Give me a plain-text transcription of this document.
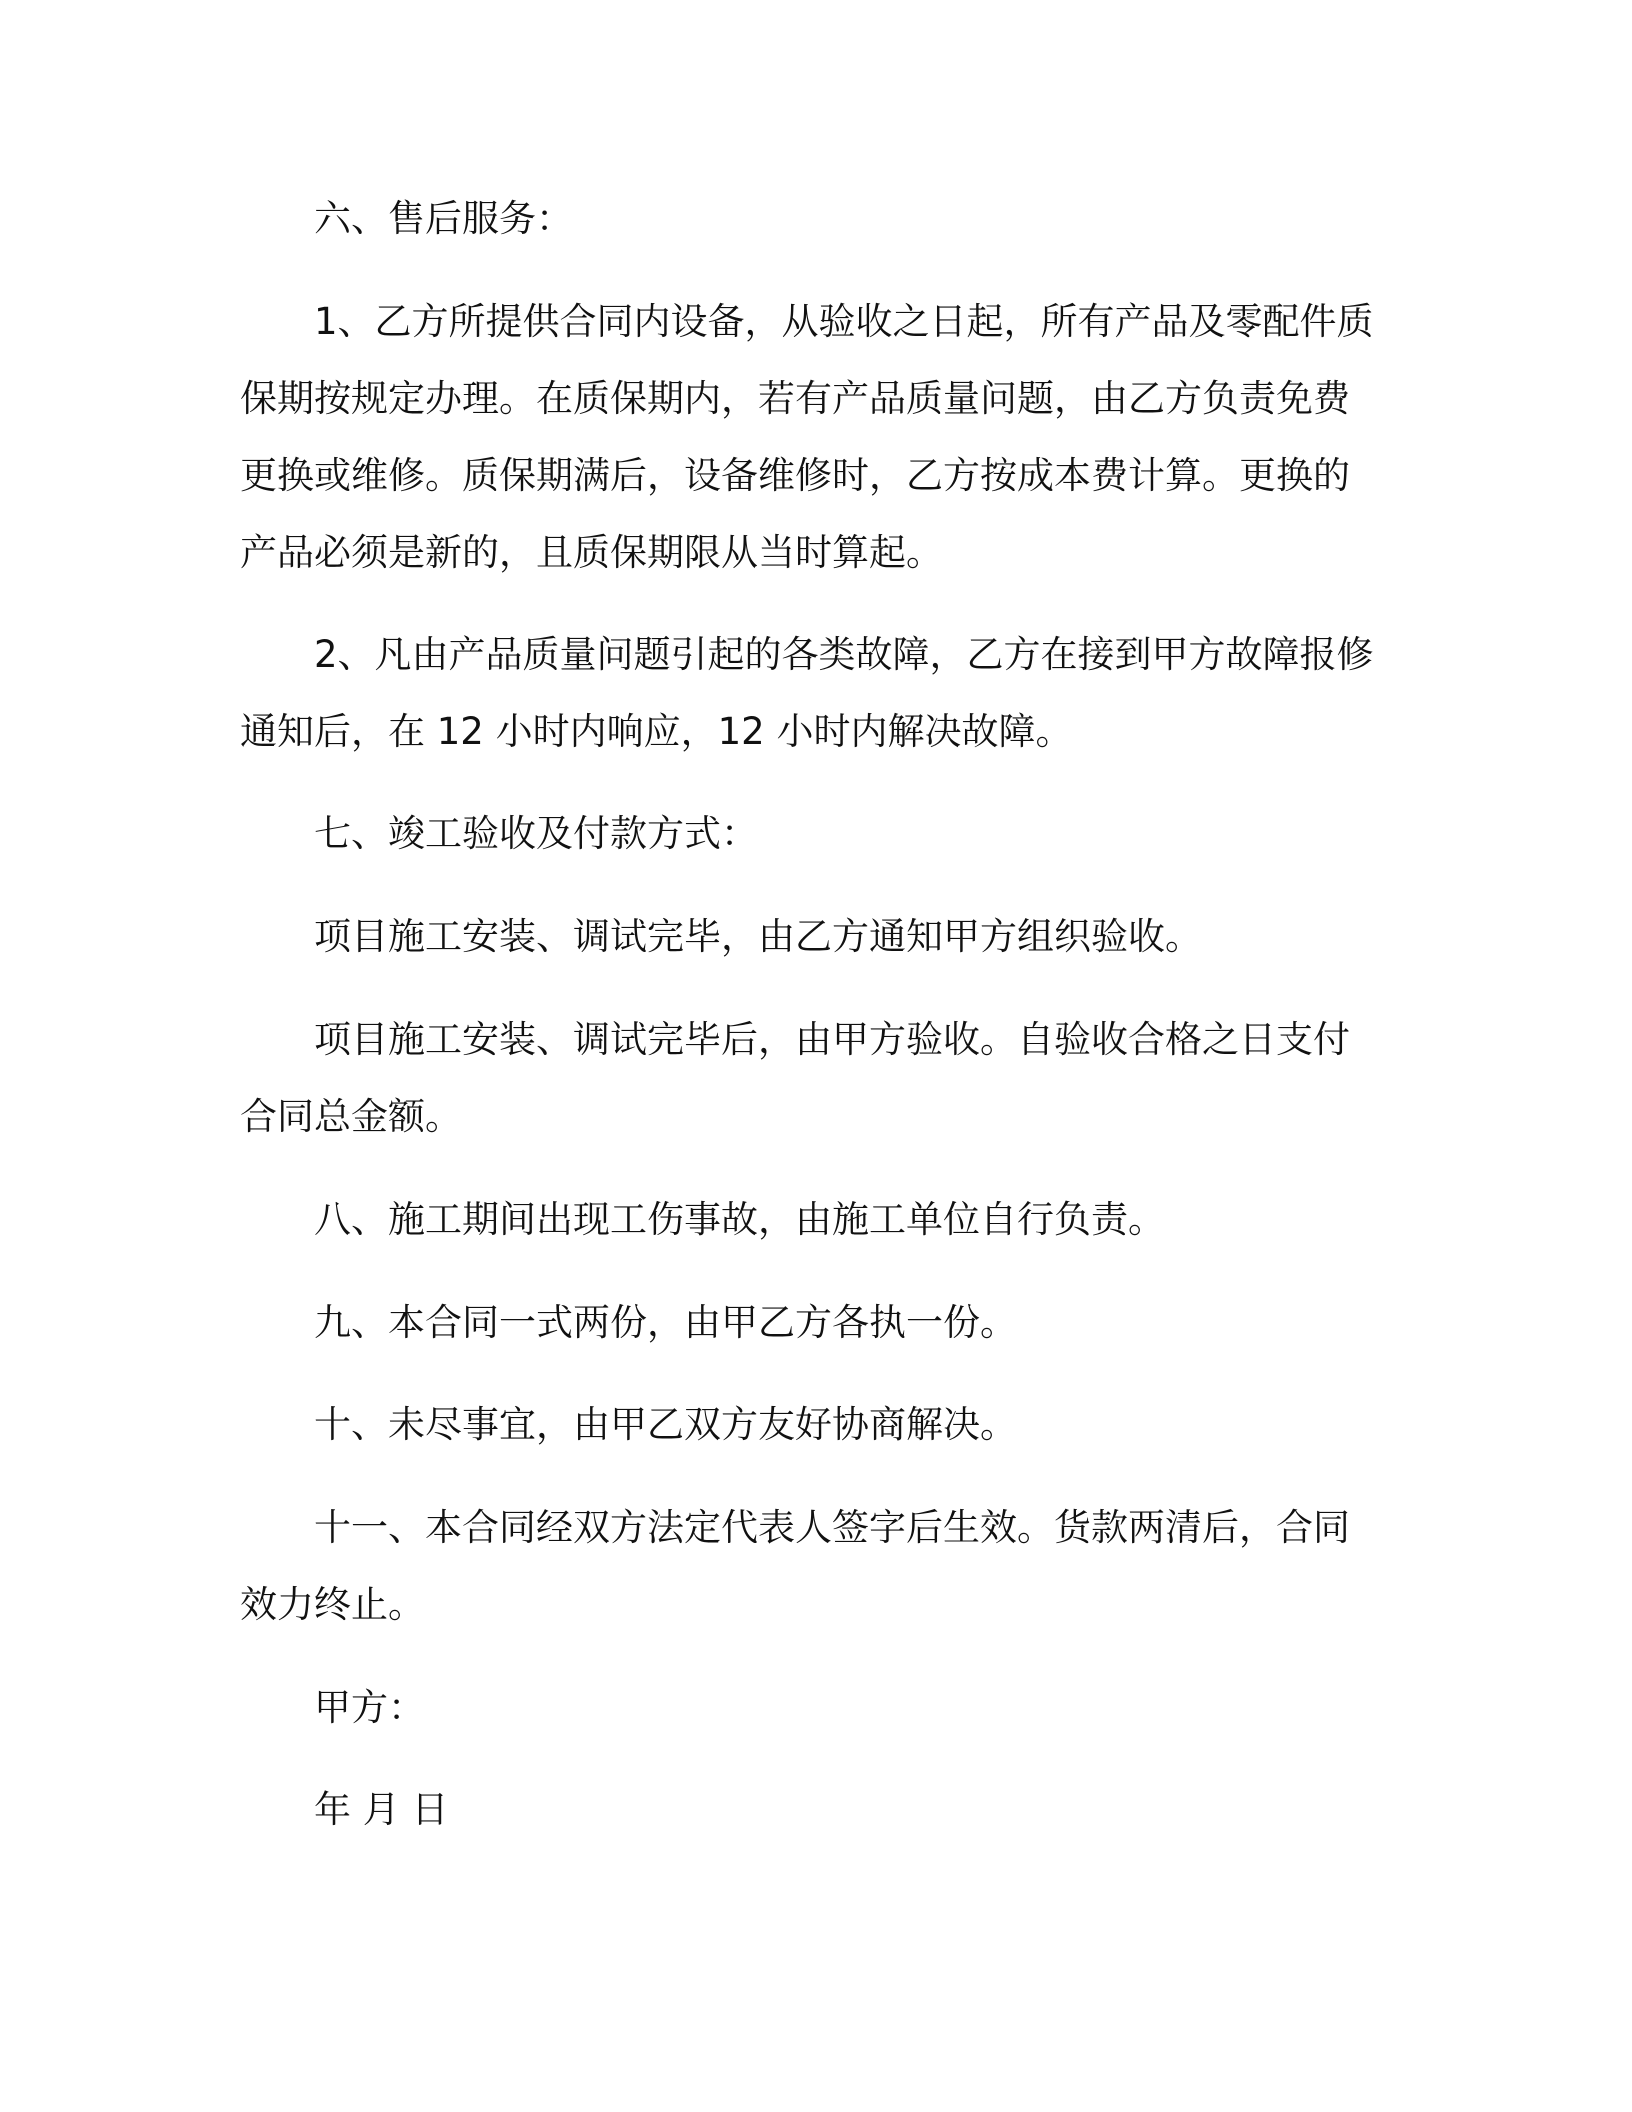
六、售后服务：

1、乙方所提供合同内设备，从验收之日起，所有产品及零配件质保期按规定办理。在质保期内，若有产品质量问题，由乙方负责免费更换或维修。质保期满后，设备维修时，乙方按成本费计算。更换的产品必须是新的，且质保期限从当时算起。

2、凡由产品质量问题引起的各类故障，乙方在接到甲方故障报修通知后，在 12 小时内响应，12 小时内解决故障。

七、竣工验收及付款方式：

项目施工安装、调试完毕，由乙方通知甲方组织验收。

项目施工安装、调试完毕后，由甲方验收。自验收合格之日支付合同总金额。

八、施工期间出现工伤事故，由施工单位自行负责。

九、本合同一式两份，由甲乙方各执一份。

十、未尽事宜，由甲乙双方友好协商解决。

十一、本合同经双方法定代表人签字后生效。货款两清后，合同效力终止。

甲方：

年 月 日
